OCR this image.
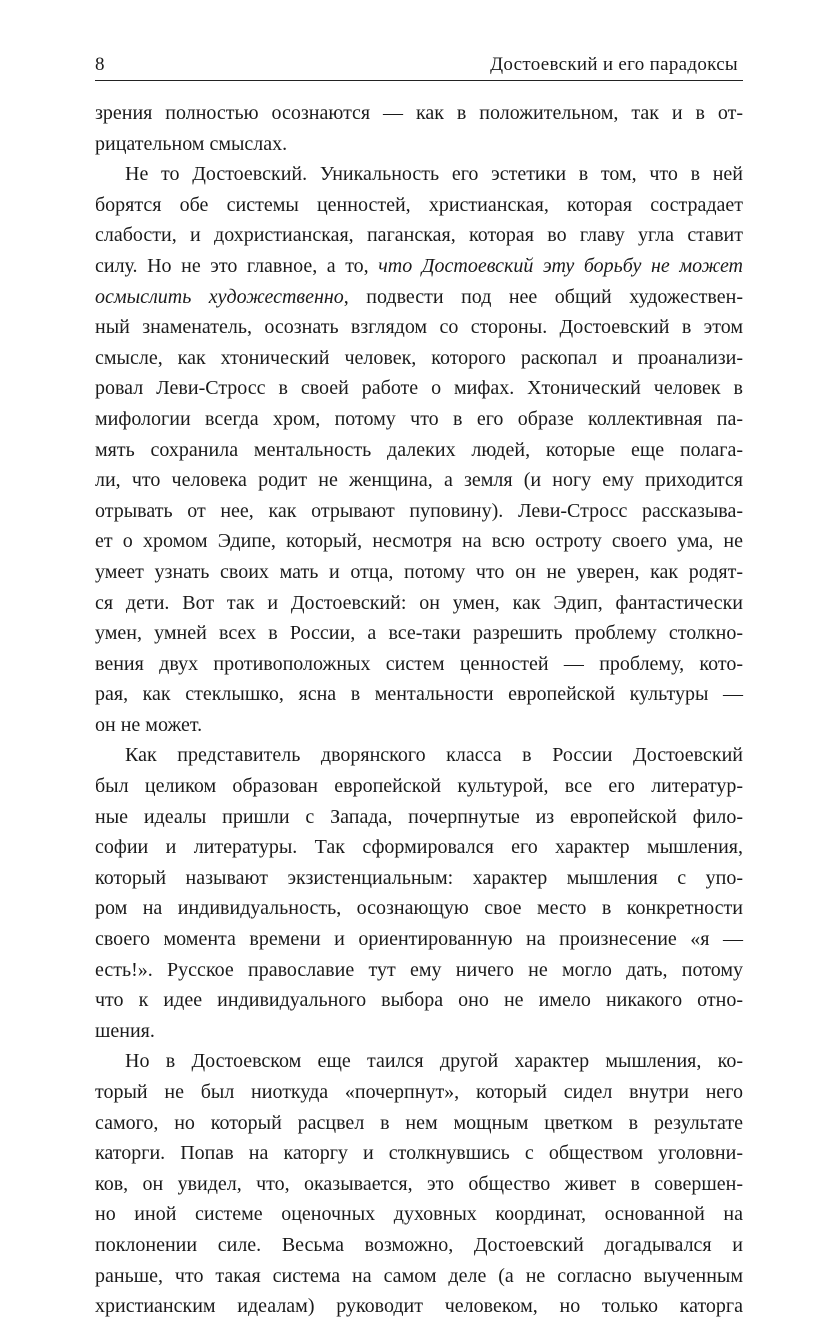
8	Достоевский и его парадоксы
зрения полностью осознаются — как в положительном, так и в от-
рицательном смыслах.
Не то Достоевский. Уникальность его эстетики в том, что в ней
борятся обе системы ценностей, христианская, которая сострадает
слабости, и дохристианская, паганская, которая во главу угла ставит
силу. Но не это главное, а то, что Достоевский эту борьбу не может
осмыслить художественно, подвести под нее общий художествен-
ный знаменатель, осознать взглядом со стороны. Достоевский в этом
смысле, как хтонический человек, которого раскопал и проанализи-
ровал Леви-Стросс в своей работе о мифах. Хтонический человек в
мифологии всегда хром, потому что в его образе коллективная па-
мять сохранила ментальность далеких людей, которые еще полага-
ли, что человека родит не женщина, а земля (и ногу ему приходится
отрывать от нее, как отрывают пуповину). Леви-Стросс рассказыва-
ет о хромом Эдипе, который, несмотря на всю остроту своего ума, не
умеет узнать своих мать и отца, потому что он не уверен, как родят-
ся дети. Вот так и Достоевский: он умен, как Эдип, фантастически
умен, умней всех в России, а все-таки разрешить проблему столкно-
вения двух противоположных систем ценностей — проблему, кото-
рая, как стеклышко, ясна в ментальности европейской культуры —
он не может.
Как представитель дворянского класса в России Достоевский
был целиком образован европейской культурой, все его литератур-
ные идеалы пришли с Запада, почерпнутые из европейской фило-
софии и литературы. Так сформировался его характер мышления,
который называют экзистенциальным: характер мышления с упо-
ром на индивидуальность, осознающую свое место в конкретности
своего момента времени и ориентированную на произнесение «я —
есть!». Русское православие тут ему ничего не могло дать, потому
что к идее индивидуального выбора оно не имело никакого отно-
шения.
Но в Достоевском еще таился другой характер мышления, ко-
торый не был ниоткуда «почерпнут», который сидел внутри него
самого, но который расцвел в нем мощным цветком в результате
каторги. Попав на каторгу и столкнувшись с обществом уголовни-
ков, он увидел, что, оказывается, это общество живет в совершен-
но иной системе оценочных духовных координат, основанной на
поклонении силе. Весьма возможно, Достоевский догадывался и
раньше, что такая система на самом деле (а не согласно выученным
христианским идеалам) руководит человеком, но только каторга
